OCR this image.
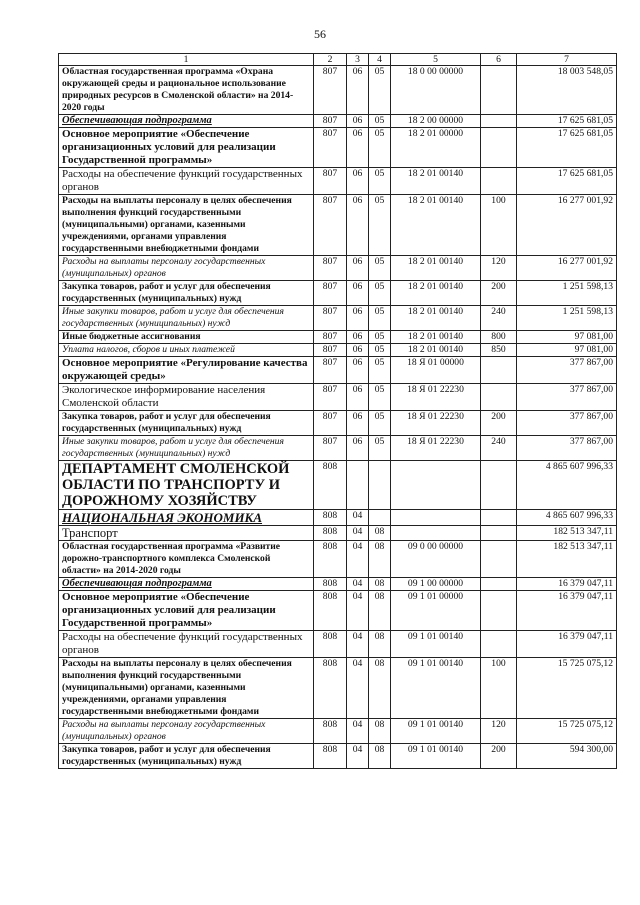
56
1	2	3	4	5	6	7
Областная государственная программа «Охрана окружающей среды и рациональное использование природных ресурсов в Смоленской области» на 2014-2020 годы	807	06	05	18 0 00 00000		18 003 548,05
Обеспечивающая подпрограмма	807	06	05	18 2 00 00000		17 625 681,05
Основное мероприятие «Обеспечение организационных условий для реализации Государственной программы»	807	06	05	18 2 01 00000		17 625 681,05
Расходы на обеспечение функций государственных органов	807	06	05	18 2 01 00140		17 625 681,05
Расходы на выплаты персоналу в целях обеспечения выполнения функций государственными (муниципальными) органами, казенными учреждениями, органами управления государственными внебюджетными фондами	807	06	05	18 2 01 00140	100	16 277 001,92
Расходы на выплаты персоналу государственных (муниципальных) органов	807	06	05	18 2 01 00140	120	16 277 001,92
Закупка товаров, работ и услуг для обеспечения государственных (муниципальных) нужд	807	06	05	18 2 01 00140	200	1 251 598,13
Иные закупки товаров, работ и услуг для обеспечения государственных (муниципальных) нужд	807	06	05	18 2 01 00140	240	1 251 598,13
Иные бюджетные ассигнования	807	06	05	18 2 01 00140	800	97 081,00
Уплата налогов, сборов и иных платежей	807	06	05	18 2 01 00140	850	97 081,00
Основное мероприятие «Регулирование качества окружающей среды»	807	06	05	18 Я 01 00000		377 867,00
Экологическое информирование населения Смоленской области	807	06	05	18 Я 01 22230		377 867,00
Закупка товаров, работ и услуг для обеспечения государственных (муниципальных) нужд	807	06	05	18 Я 01 22230	200	377 867,00
Иные закупки товаров, работ и услуг для обеспечения государственных (муниципальных) нужд	807	06	05	18 Я 01 22230	240	377 867,00
ДЕПАРТАМЕНТ СМОЛЕНСКОЙ ОБЛАСТИ ПО ТРАНСПОРТУ И ДОРОЖНОМУ ХОЗЯЙСТВУ	808					4 865 607 996,33
НАЦИОНАЛЬНАЯ ЭКОНОМИКА	808	04				4 865 607 996,33
Транспорт	808	04	08			182 513 347,11
Областная государственная программа «Развитие дорожно-транспортного комплекса Смоленской области» на 2014-2020 годы	808	04	08	09 0 00 00000		182 513 347,11
Обеспечивающая подпрограмма	808	04	08	09 1 00 00000		16 379 047,11
Основное мероприятие «Обеспечение организационных условий для реализации Государственной программы»	808	04	08	09 1 01 00000		16 379 047,11
Расходы на обеспечение функций государственных органов	808	04	08	09 1 01 00140		16 379 047,11
Расходы на выплаты персоналу в целях обеспечения выполнения функций государственными (муниципальными) органами, казенными учреждениями, органами управления государственными внебюджетными фондами	808	04	08	09 1 01 00140	100	15 725 075,12
Расходы на выплаты персоналу государственных (муниципальных) органов	808	04	08	09 1 01 00140	120	15 725 075,12
Закупка товаров, работ и услуг для обеспечения государственных (муниципальных) нужд	808	04	08	09 1 01 00140	200	594 300,00
